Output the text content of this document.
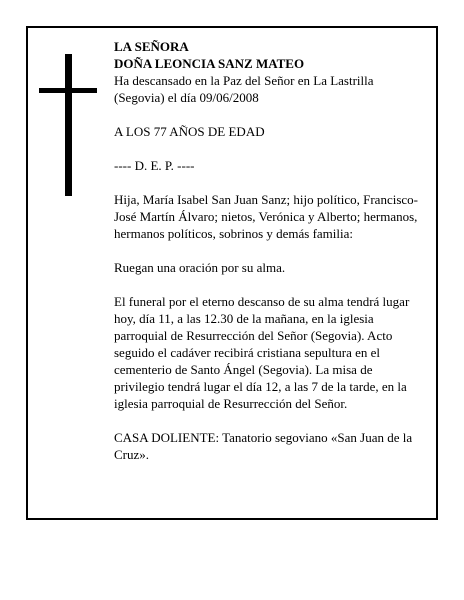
LA SEÑORA

DOÑA LEONCIA SANZ MATEO

Ha descansado en la Paz del Señor en La Lastrilla (Segovia) el día 09/06/2008

A LOS 77 AÑOS DE EDAD

---- D. E. P. ----

Hija, María Isabel San Juan Sanz; hijo político, Francisco-José Martín Álvaro; nietos, Verónica y Alberto; hermanos, hermanos políticos, sobrinos y demás familia:

Ruegan una oración por su alma.

El funeral por el eterno descanso de su alma tendrá lugar hoy, día 11, a las 12.30 de la mañana, en la iglesia parroquial de Resurrección del Señor (Segovia). Acto seguido el cadáver recibirá cristiana sepultura en el cementerio de Santo Ángel (Segovia). La misa de privilegio tendrá lugar el día 12, a las 7 de la tarde, en la iglesia parroquial de Resurrección del Señor.

CASA DOLIENTE: Tanatorio segoviano «San Juan de la Cruz».
